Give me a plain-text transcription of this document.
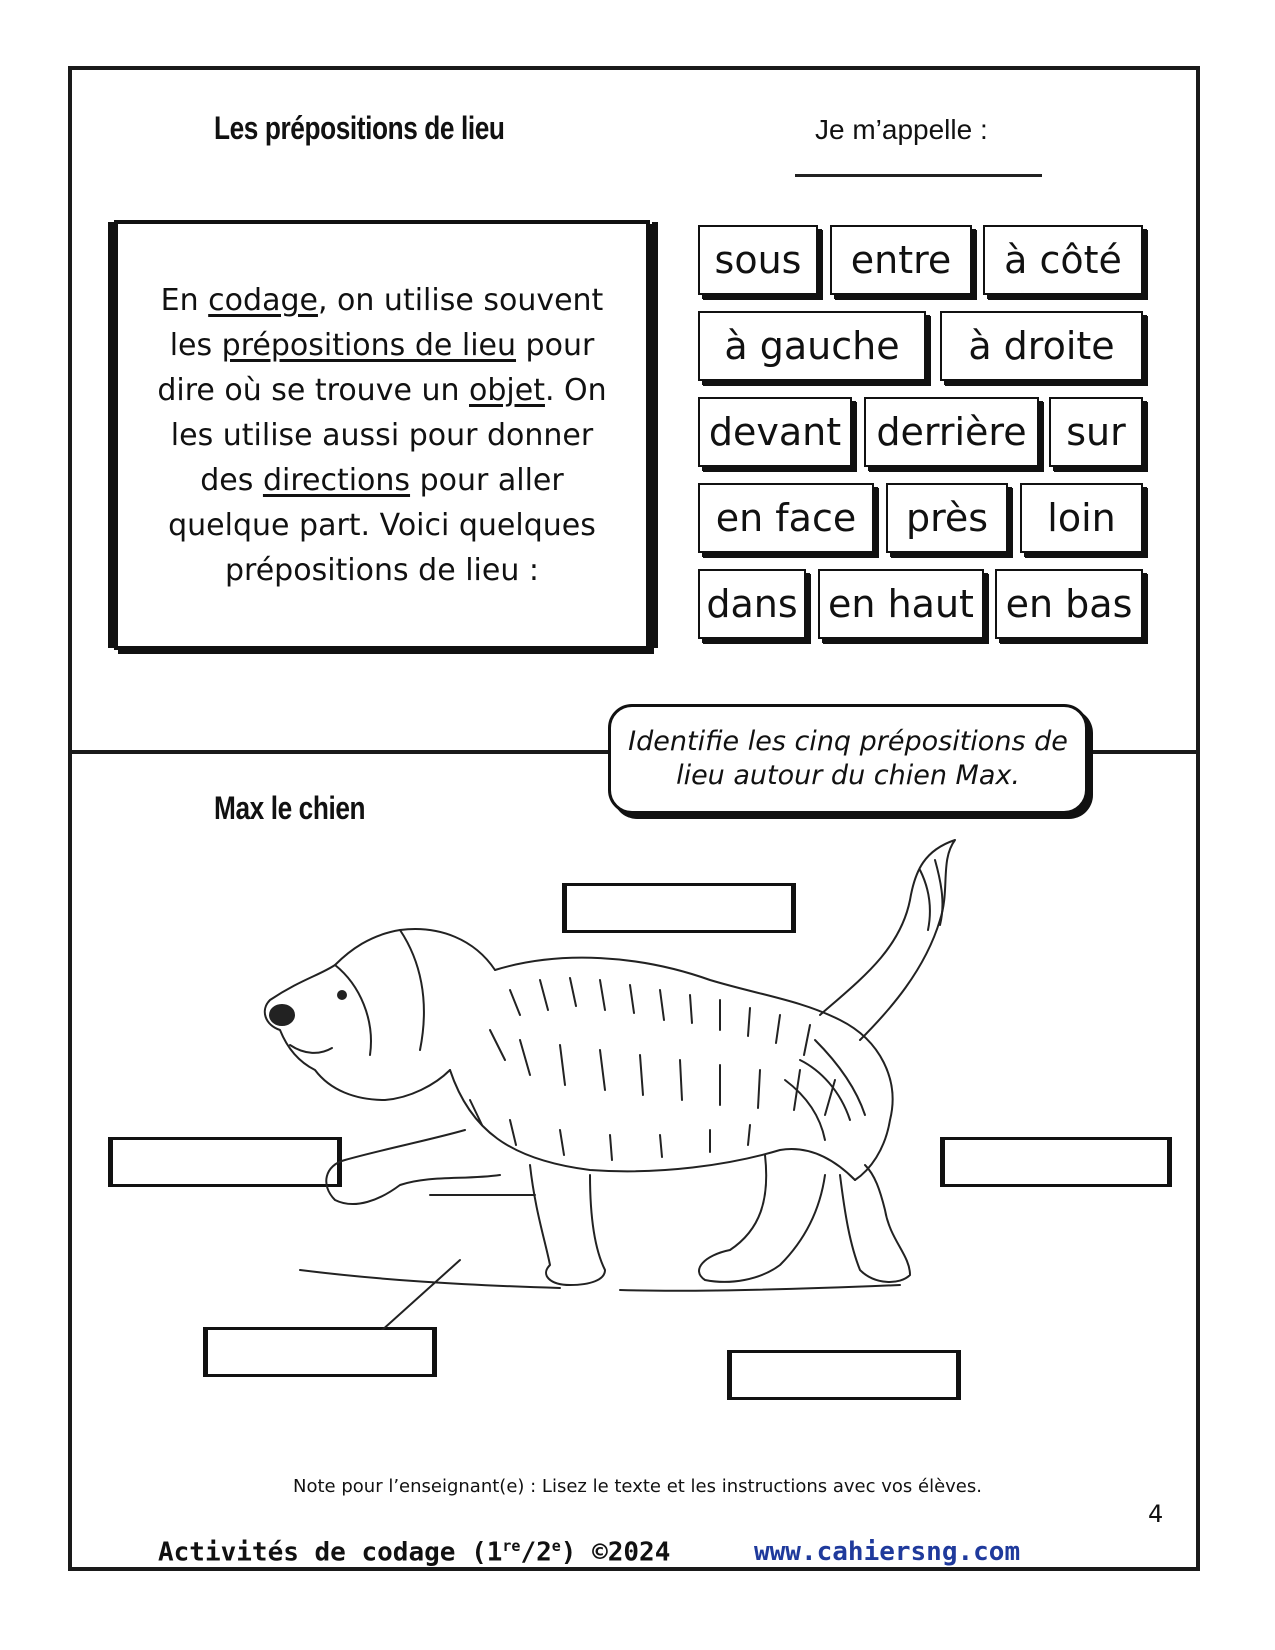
Les prépositions de lieu	Je m’appelle :
En codage, on utilise souvent les prépositions de lieu pour dire où se trouve un objet. On les utilise aussi pour donner des directions pour aller quelque part. Voici quelques prépositions de lieu :
sous	entre	à côté
à gauche	à droite
devant derrière	sur
en face	près	loin
dans en haut en bas
Identifie les cinq prépositions de lieu autour du chien Max.
Max le chien
Note pour l’enseignant(e) : Lisez le texte et les instructions avec vos élèves.
Activités de codage (1re/2e) ©2024	www.cahiersng.com
4
